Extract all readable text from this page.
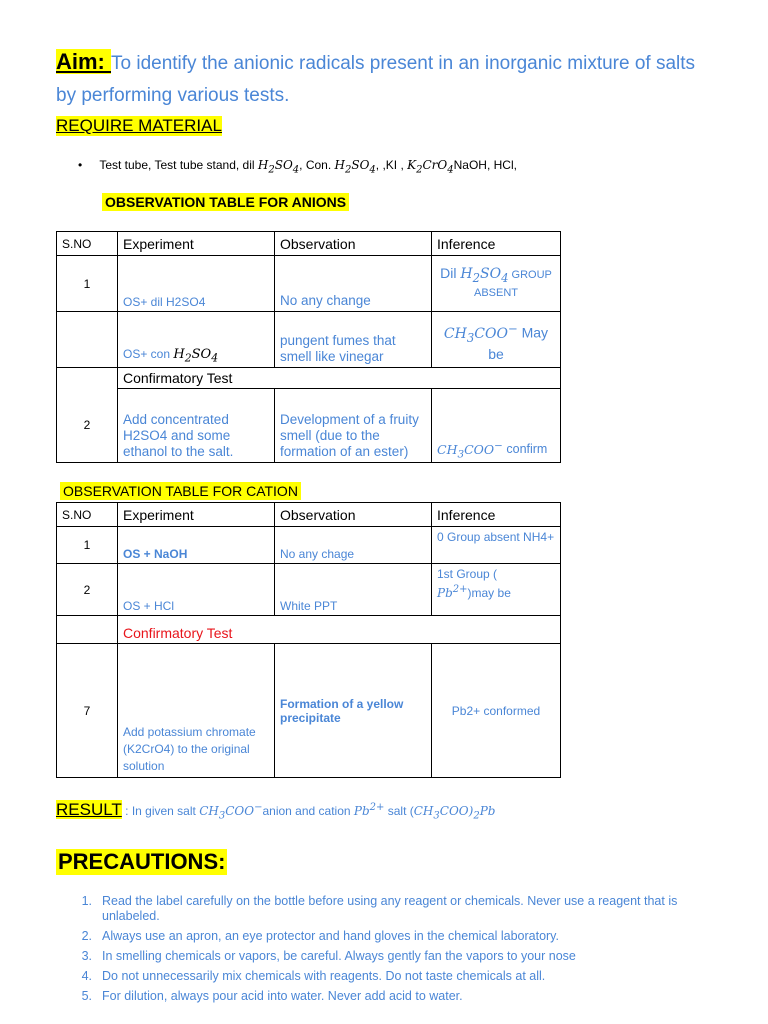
Aim: To identify the anionic radicals present in an inorganic mixture of salts by performing various tests.
REQUIRE MATERIAL
• Test tube, Test tube stand, dil $H_2SO_4$, Con. $H_2SO_4$, ,KI , $K_2CrO_4NaOH$, HCl,
OBSERVATION TABLE FOR ANIONS
S.NO	Experiment	Observation	Inference
1	OS+ dil H2SO4	No any change	Dil $H_2SO_4$ GROUP
ABSENT
	OS+ con $H_2SO_4$	pungent fumes that smell like vinegar	$CH_3COO^-$ May be
	Confirmatory Test		
2	Add concentrated H2SO4 and some ethanol to the salt.	Development of a fruity smell (due to the formation of an ester)	$CH_3COO^-$ confirm
OBSERVATION TABLE FOR CATION
S.NO	Experiment	Observation	Inference
1	OS + NaOH	No any chage	0 Group absent NH4+
2	OS + HCl	White PPT	1st Group (
$Pb^{2+})may$ be
	Confirmatory Test		
7	Add potassium chromate (K2CrO4) to the original solution	Formation of a yellow precipitate	Pb2+ conformed
RESULT : In given salt $CH_3COO^-anion$ and cation $Pb^{2+}$ salt $(CH_3COO)_2Pb$
PRECAUTIONS:
1. Read the label carefully on the bottle before using any reagent or chemicals. Never use a reagent that is unlabeled.
2. Always use an apron, an eye protector and hand gloves in the chemical laboratory.
3. In smelling chemicals or vapors, be careful. Always gently fan the vapors to your nose
4. Do not unnecessarily mix chemicals with reagents. Do not taste chemicals at all.
5. For dilution, always pour acid into water. Never add acid to water.
